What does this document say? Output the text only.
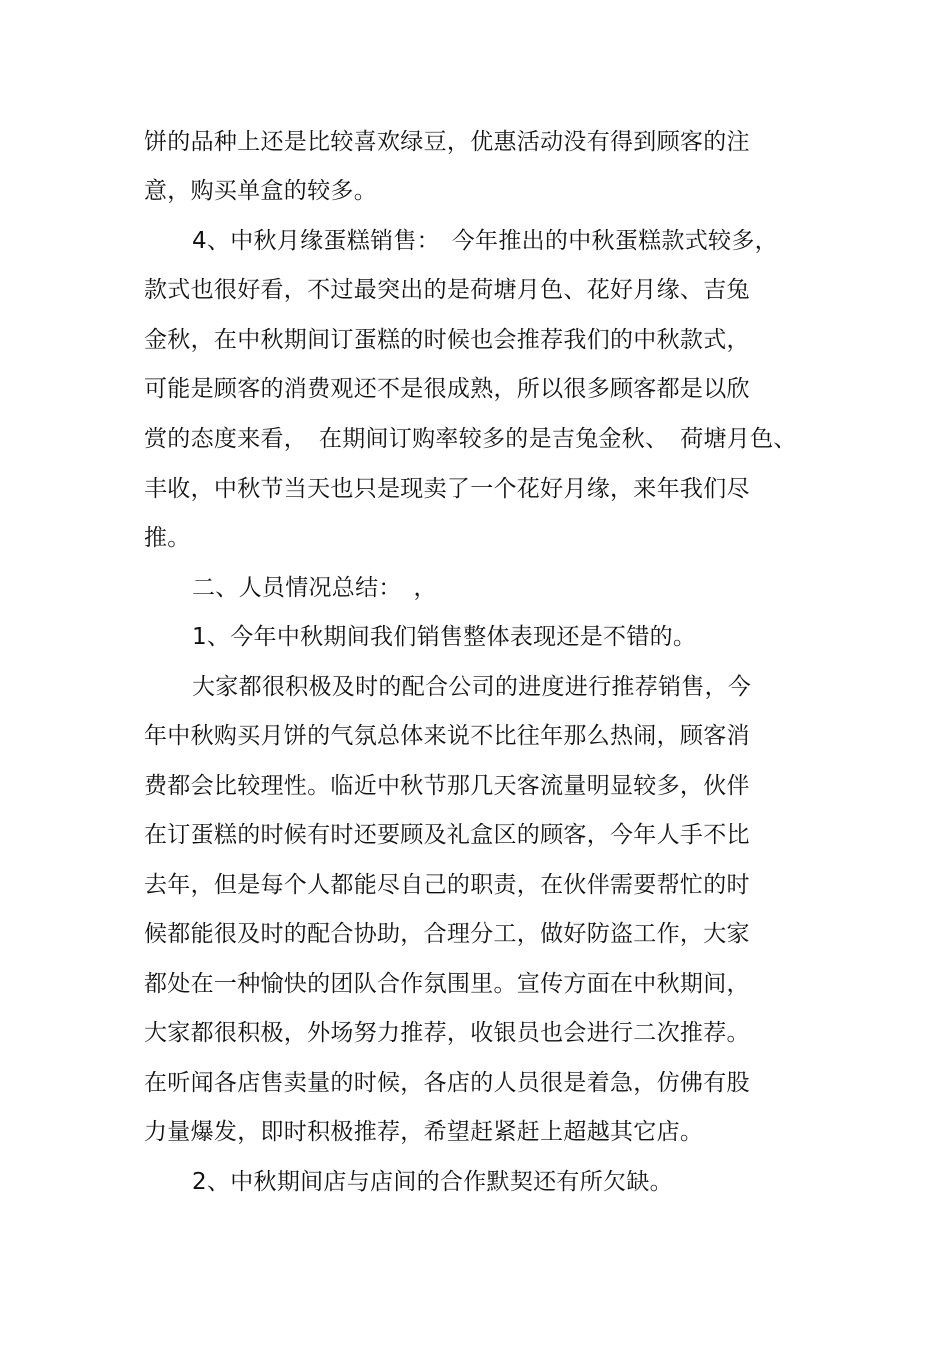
饼的品种上还是比较喜欢绿豆，优惠活动没有得到顾客的注
意，购买单盒的较多。
4、中秋月缘蛋糕销售：　今年推出的中秋蛋糕款式较多，
款式也很好看，不过最突出的是荷塘月色、花好月缘、吉兔
金秋，在中秋期间订蛋糕的时候也会推荐我们的中秋款式，
可能是顾客的消费观还不是很成熟，所以很多顾客都是以欣
赏的态度来看，　在期间订购率较多的是吉兔金秋、　荷塘月色、
丰收，中秋节当天也只是现卖了一个花好月缘，来年我们尽
推。
二、人员情况总结：　，
1、今年中秋期间我们销售整体表现还是不错的。
大家都很积极及时的配合公司的进度进行推荐销售，今
年中秋购买月饼的气氛总体来说不比往年那么热闹，顾客消
费都会比较理性。临近中秋节那几天客流量明显较多，伙伴
在订蛋糕的时候有时还要顾及礼盒区的顾客，今年人手不比
去年，但是每个人都能尽自己的职责，在伙伴需要帮忙的时
候都能很及时的配合协助，合理分工，做好防盗工作，大家
都处在一种愉快的团队合作氛围里。宣传方面在中秋期间，
大家都很积极，外场努力推荐，收银员也会进行二次推荐。
在听闻各店售卖量的时候，各店的人员很是着急，仿佛有股
力量爆发，即时积极推荐，希望赶紧赶上超越其它店。
2、中秋期间店与店间的合作默契还有所欠缺。
